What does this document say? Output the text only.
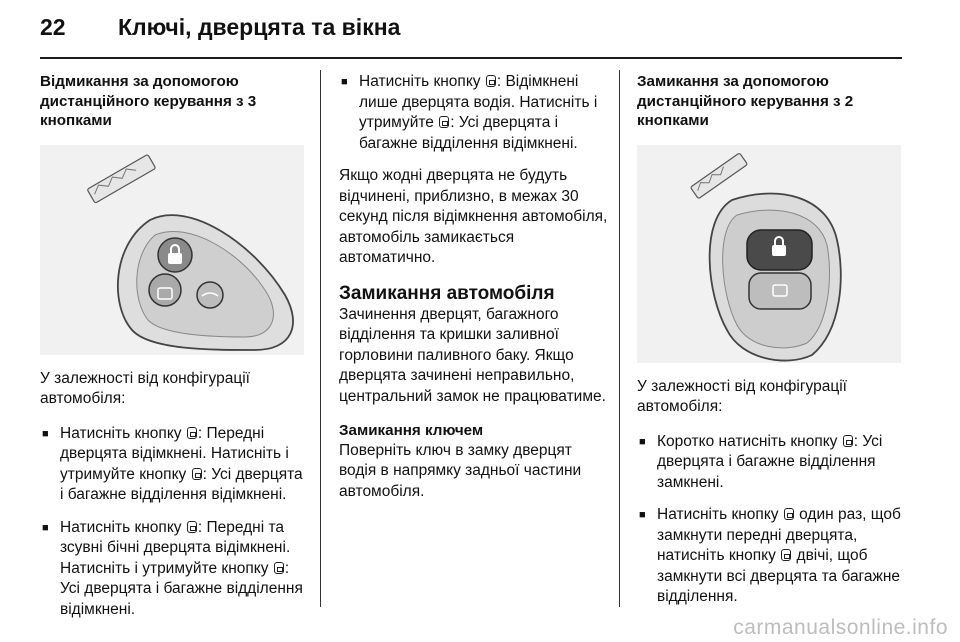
22 Ключі, дверцята та вікна
Відмикання за допомогою дистанційного керування з 3 кнопками

У залежності від конфігурації автомобіля:

■ Натисніть кнопку : Передні дверцята відімкнені. Натисніть і утримуйте кнопку : Усі дверцята і багажне відділення відімкнені.
■ Натисніть кнопку : Передні та зсувні бічні дверцята відімкнені. Натисніть і утримуйте кнопку : Усі дверцята і багажне відділення відімкнені.
■ Натисніть кнопку : Відімкнені лише дверцята водія. Натисніть і утримуйте : Усі дверцята і багажне відділення відімкнені.

Якщо жодні дверцята не будуть відчинені, приблизно, в межах 30 секунд після відімкнення автомобіля, автомобіль замикається автоматично.

Замикання автомобіля

Зачинення дверцят, багажного відділення та кришки заливної горловини паливного баку. Якщо дверцята зачинені неправильно, центральний замок не працюватиме.

Замикання ключем

Поверніть ключ в замку дверцят водія в напрямку задньої частини автомобіля.

Замикання за допомогою дистанційного керування з 2 кнопками

У залежності від конфігурації автомобіля:

■ Коротко натисніть кнопку : Усі дверцята і багажне відділення замкнені.
■ Натисніть кнопку один раз, щоб замкнути передні дверцята, натисніть кнопку двічі, щоб замкнути всі дверцята та багажне відділення.
carmanualsonline.info
